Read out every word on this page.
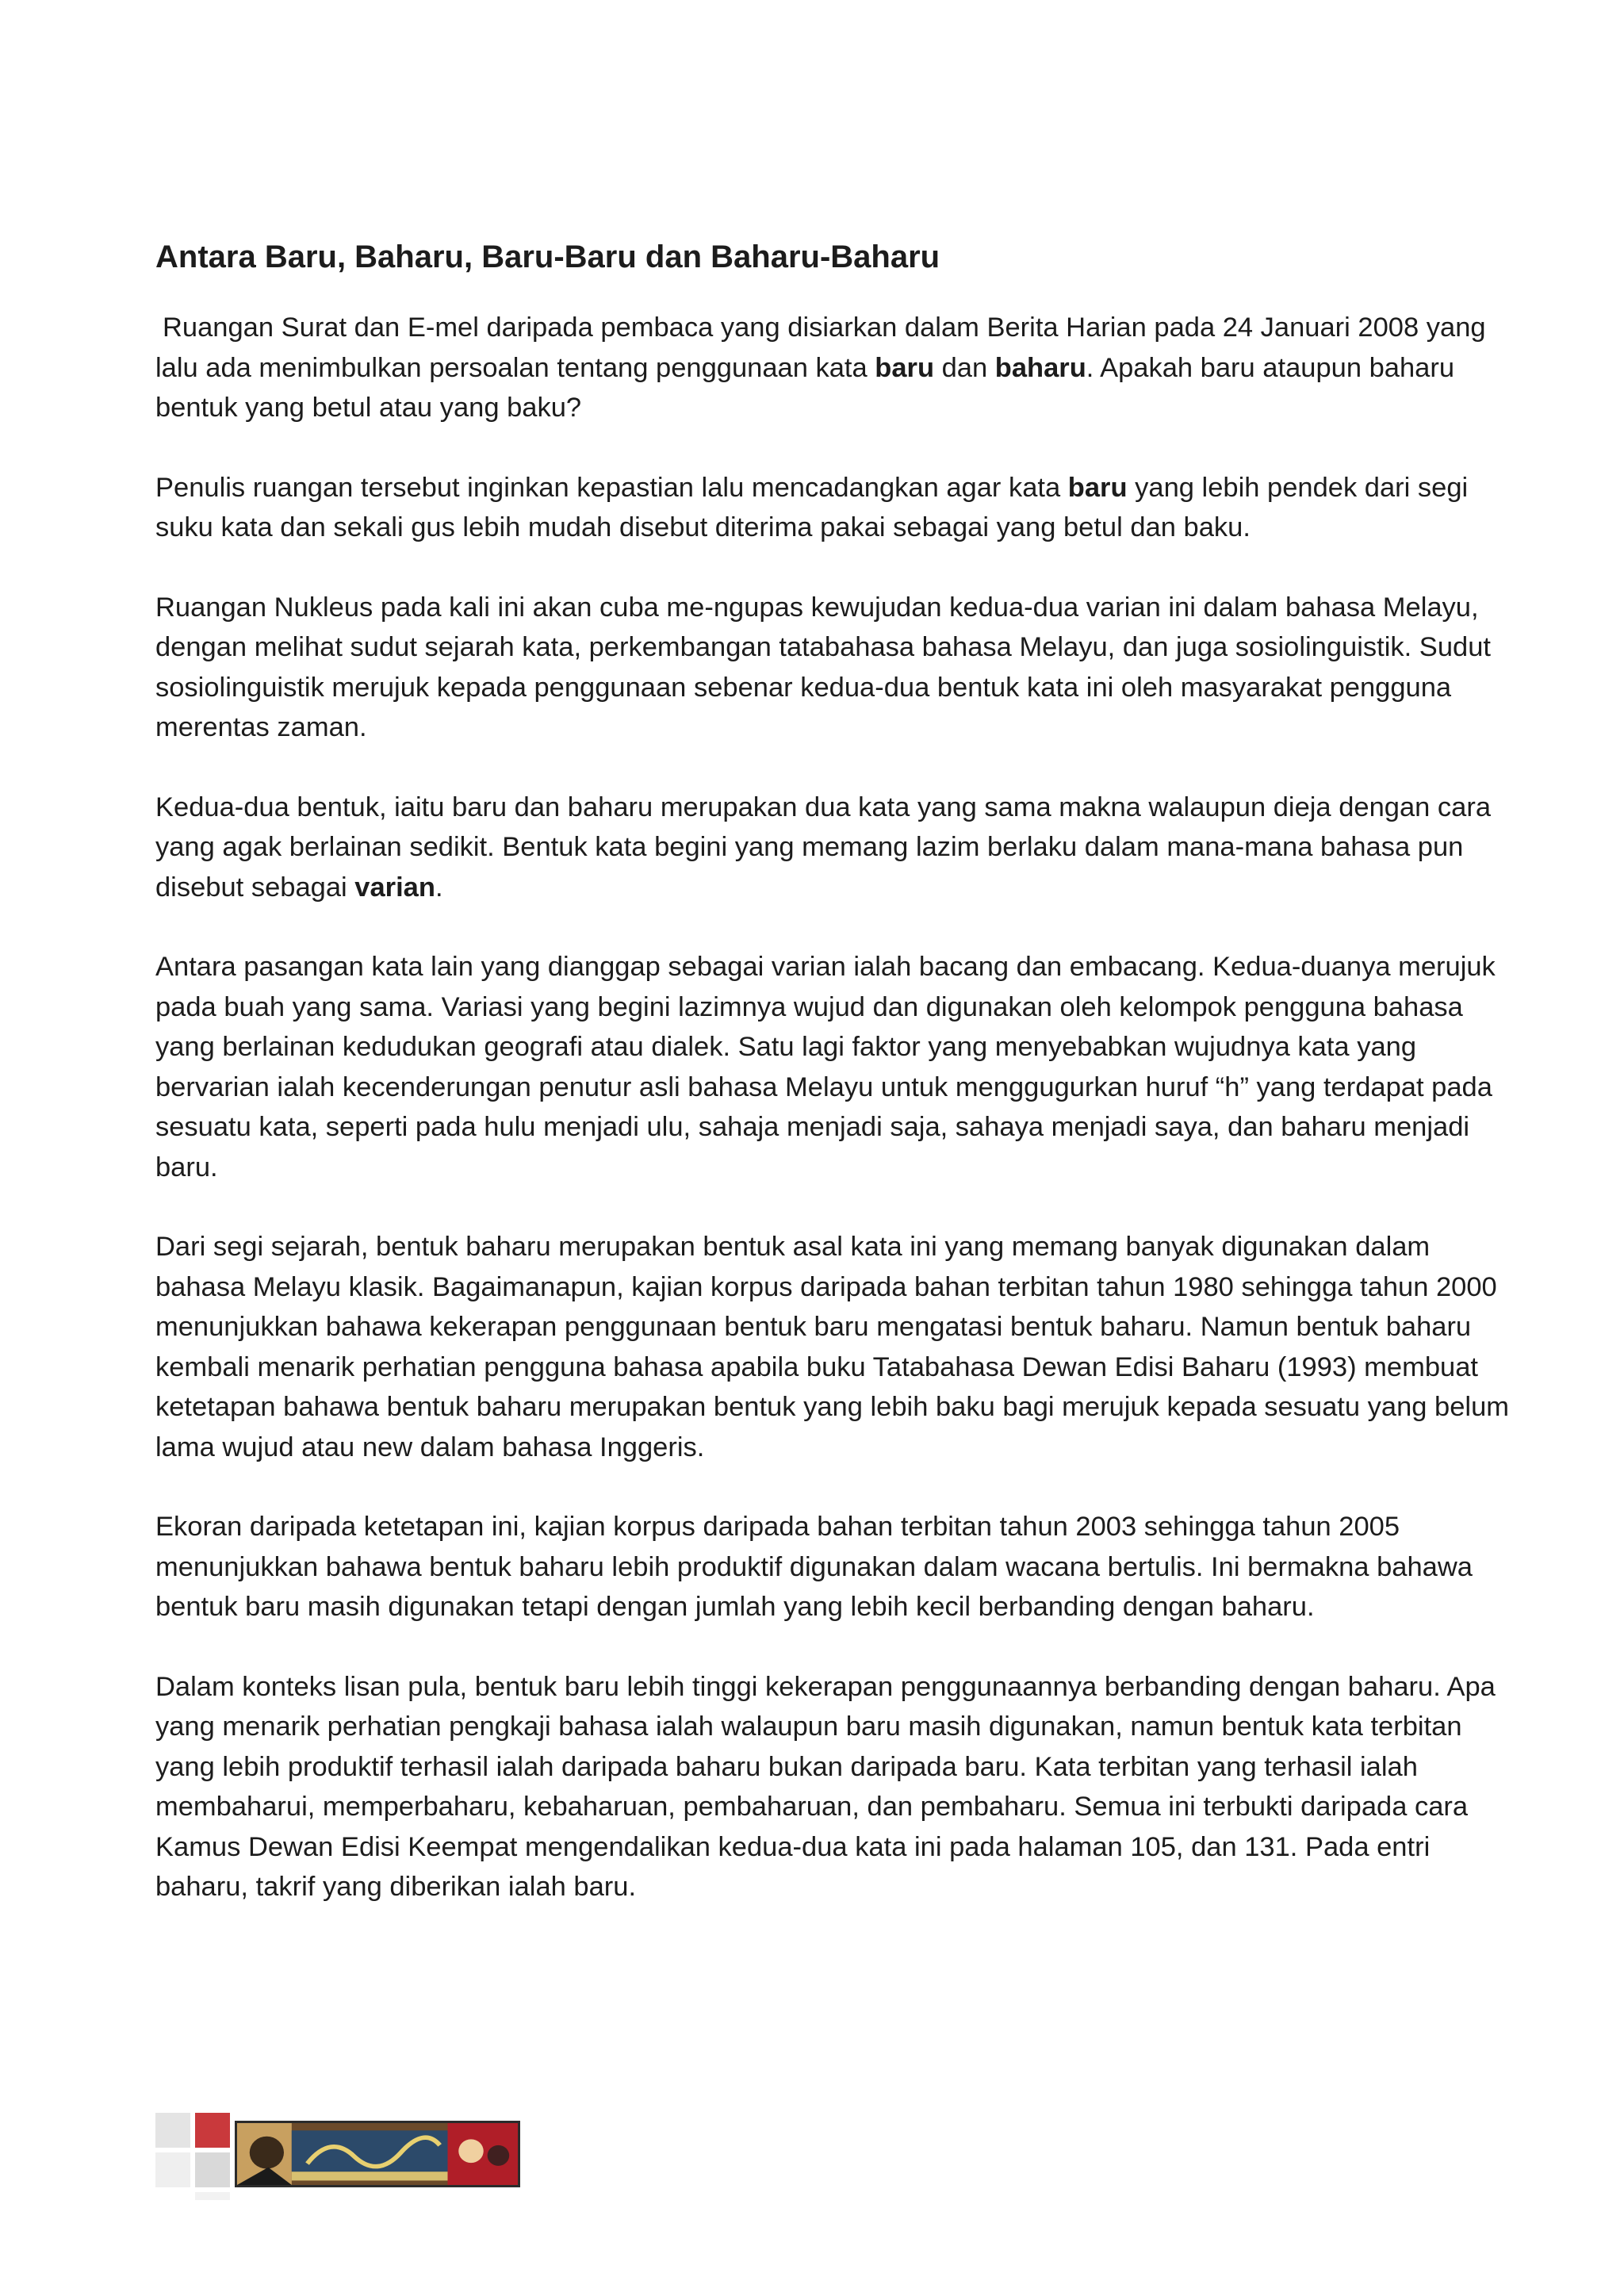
Antara Baru, Baharu, Baru-Baru dan Baharu-Baharu
Ruangan Surat dan E-mel daripada pembaca yang disiarkan dalam Berita Harian pada 24 Januari 2008 yang lalu ada menimbulkan persoalan tentang penggunaan kata baru dan baharu. Apakah baru ataupun baharu bentuk yang betul atau yang baku?
Penulis ruangan tersebut inginkan kepastian lalu mencadangkan agar kata baru yang lebih pendek dari segi suku kata dan sekali gus lebih mudah disebut diterima pakai sebagai yang betul dan baku.
Ruangan Nukleus pada kali ini akan cuba me-ngupas kewujudan kedua-dua varian ini dalam bahasa Melayu, dengan melihat sudut sejarah kata, perkembangan tatabahasa bahasa Melayu, dan juga sosiolinguistik. Sudut sosiolinguistik merujuk kepada penggunaan sebenar kedua-dua bentuk kata ini oleh masyarakat pengguna merentas zaman.
Kedua-dua bentuk, iaitu baru dan baharu merupakan dua kata yang sama makna walaupun dieja dengan cara yang agak berlainan sedikit. Bentuk kata begini yang memang lazim berlaku dalam mana-mana bahasa pun disebut sebagai varian.
Antara pasangan kata lain yang dianggap sebagai varian ialah bacang dan embacang. Kedua-duanya merujuk pada buah yang sama. Variasi yang begini lazimnya wujud dan digunakan oleh kelompok pengguna bahasa yang berlainan kedudukan geografi atau dialek. Satu lagi faktor yang menyebabkan wujudnya kata yang bervarian ialah kecenderungan penutur asli bahasa Melayu untuk menggugurkan huruf “h” yang terdapat pada sesuatu kata, seperti pada hulu menjadi ulu, sahaja menjadi saja, sahaya menjadi saya, dan baharu menjadi baru.
Dari segi sejarah, bentuk baharu merupakan bentuk asal kata ini yang memang banyak digunakan dalam bahasa Melayu klasik. Bagaimanapun, kajian korpus daripada bahan terbitan tahun 1980 sehingga tahun 2000 menunjukkan bahawa kekerapan penggunaan bentuk baru mengatasi bentuk baharu. Namun bentuk baharu kembali menarik perhatian pengguna bahasa apabila buku Tatabahasa Dewan Edisi Baharu (1993) membuat ketetapan bahawa bentuk baharu merupakan bentuk yang lebih baku bagi merujuk kepada sesuatu yang belum lama wujud atau new dalam bahasa Inggeris.
Ekoran daripada ketetapan ini, kajian korpus daripada bahan terbitan tahun 2003 sehingga tahun 2005 menunjukkan bahawa bentuk baharu lebih produktif digunakan dalam wacana bertulis. Ini bermakna bahawa bentuk baru masih digunakan tetapi dengan jumlah yang lebih kecil berbanding dengan baharu.
Dalam konteks lisan pula, bentuk baru lebih tinggi kekerapan penggunaannya berbanding dengan baharu. Apa yang menarik perhatian pengkaji bahasa ialah walaupun baru masih digunakan, namun bentuk kata terbitan yang lebih produktif terhasil ialah daripada baharu bukan daripada baru. Kata terbitan yang terhasil ialah membaharui, memperbaharu, kebaharuan, pembaharuan, dan pembaharu. Semua ini terbukti daripada cara Kamus Dewan Edisi Keempat mengendalikan kedua-dua kata ini pada halaman 105, dan 131. Pada entri baharu, takrif yang diberikan ialah baru.
